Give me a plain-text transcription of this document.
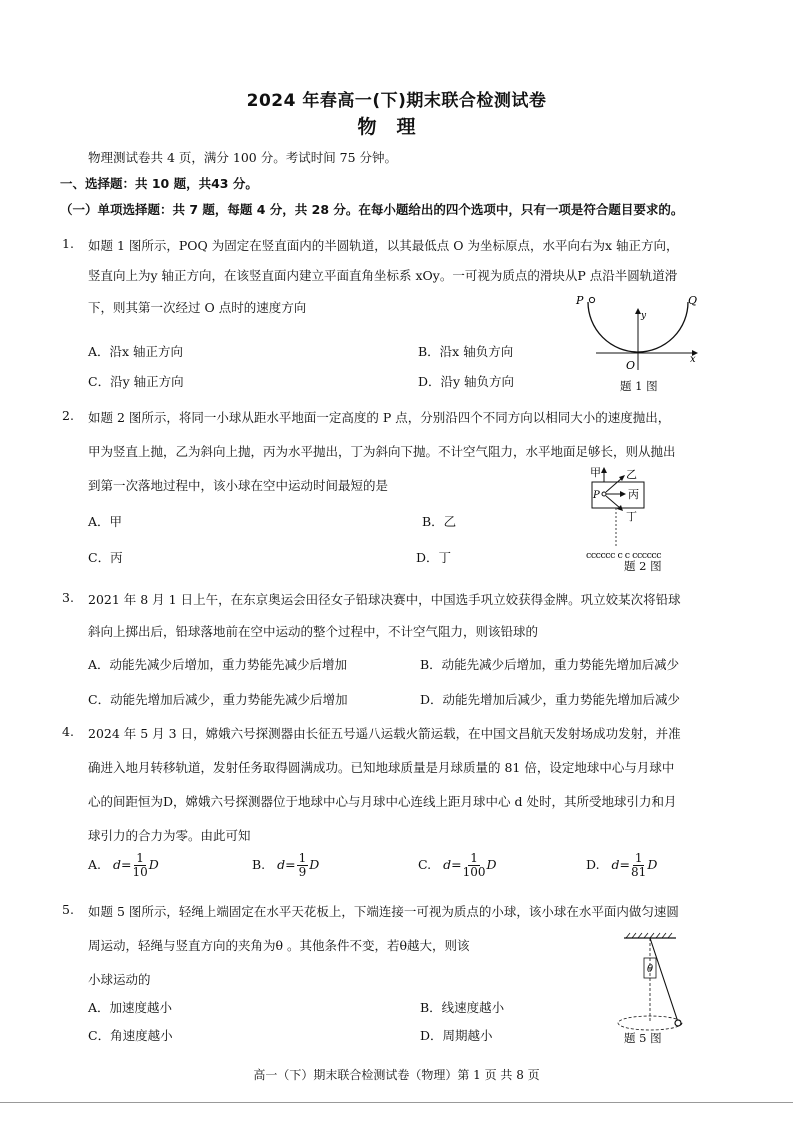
2024 年春高一(下)期末联合检测试卷
物理
物理测试卷共 4 页，满分 100 分。考试时间 75 分钟。
一、选择题：共 10 题，共43 分。
（一）单项选择题：共 7 题，每题 4 分，共 28 分。在每小题给出的四个选项中，只有一项是符合题目要求的。
1.	如题 1 图所示，POQ 为固定在竖直面内的半圆轨道，以其最低点 O 为坐标原点，水平向右为x 轴正方向，
竖直向上为y 轴正方向，在该竖直面内建立平面直角坐标系 xOy。一可视为质点的滑块从P 点沿半圆轨道滑
下，则其第一次经过 O 点时的速度方向
A．沿x 轴正方向	B．沿x 轴负方向
C．沿y 轴正方向	D．沿y 轴负方向
P	Q
O	x
y
题 1 图
2.	如题 2 图所示，将同一小球从距水平地面一定高度的 P 点，分别沿四个不同方向以相同大小的速度抛出，
甲为竖直上抛，乙为斜向上抛，丙为水平抛出，丁为斜向下抛。不计空气阻力，水平地面足够长，则从抛出
到第一次落地过程中，该小球在空中运动时间最短的是
A．甲	B．乙
C．丙	D．丁
甲 乙
丙
丁
P
cccccc c c cccccc
题 2 图
3.	2021 年 8 月 1 日上午，在东京奥运会田径女子铅球决赛中，中国选手巩立姣获得金牌。巩立姣某次将铅球
斜向上掷出后，铅球落地前在空中运动的整个过程中，不计空气阻力，则该铅球的
A．动能先减少后增加，重力势能先减少后增加	B．动能先减少后增加，重力势能先增加后减少
C．动能先增加后减少，重力势能先减少后增加	D．动能先增加后减少，重力势能先增加后减少
4.	2024 年 5 月 3 日，嫦娥六号探测器由长征五号遥八运载火箭运载，在中国文昌航天发射场成功发射，并准
确进入地月转移轨道，发射任务取得圆满成功。已知地球质量是月球质量的 81 倍，设定地球中心与月球中
心的间距恒为D，嫦娥六号探测器位于地球中心与月球中心连线上距月球中心 d 处时，其所受地球引力和月
球引力的合力为零。由此可知
A. $d= \frac{1}{10}$ D	B. $d= \frac{1}{9}$ D	C. $d= \frac{1}{100}$ D	D. $d= \frac{1}{81}$ D
5.	如题 5 图所示，轻绳上端固定在水平天花板上，下端连接一可视为质点的小球，该小球在水平面内做匀速圆
周运动，轻绳与竖直方向的夹角为θ 。其他条件不变，若θ越大，则该
小球运动的
A．加速度越小	B．线速度越小
C．角速度越小	D．周期越小
θ
题 5 图
高一（下）期末联合检测试卷（物理）第 1 页 共 8 页
